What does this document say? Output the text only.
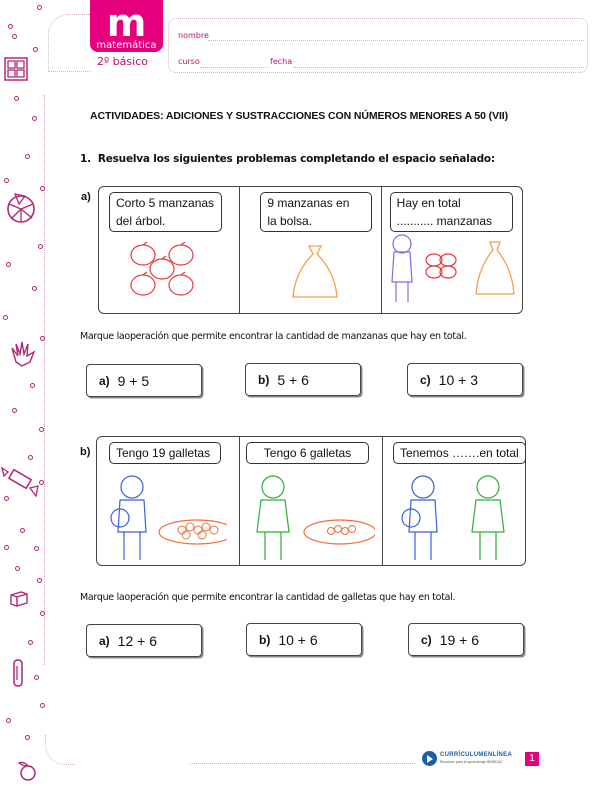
m
matemática
2º básico
nombre
curso	fecha
ACTIVIDADES: ADICIONES Y SUSTRACCIONES CON NÚMEROS MENORES A 50 (VII)
1. Resuelva los siguientes problemas completando el espacio señalado:
a) Corto 5 manzanas
del árbol.
9 manzanas en
la bolsa.
Hay en total
........... manzanas
Marque laoperación que permite encontrar la cantidad de manzanas que hay en total.
a) 9 + 5	b) 5 + 6	c) 10 + 3
b) Tengo 19 galletas	Tengo 6 galletas	Tenemos …….en total
Marque laoperación que permite encontrar la cantidad de galletas que hay en total.
a) 12 + 6	b) 10 + 6	c) 19 + 6
CURRÍCULUMENLÍNEA
Recursos para el aprendizaje MINEDUC	1
